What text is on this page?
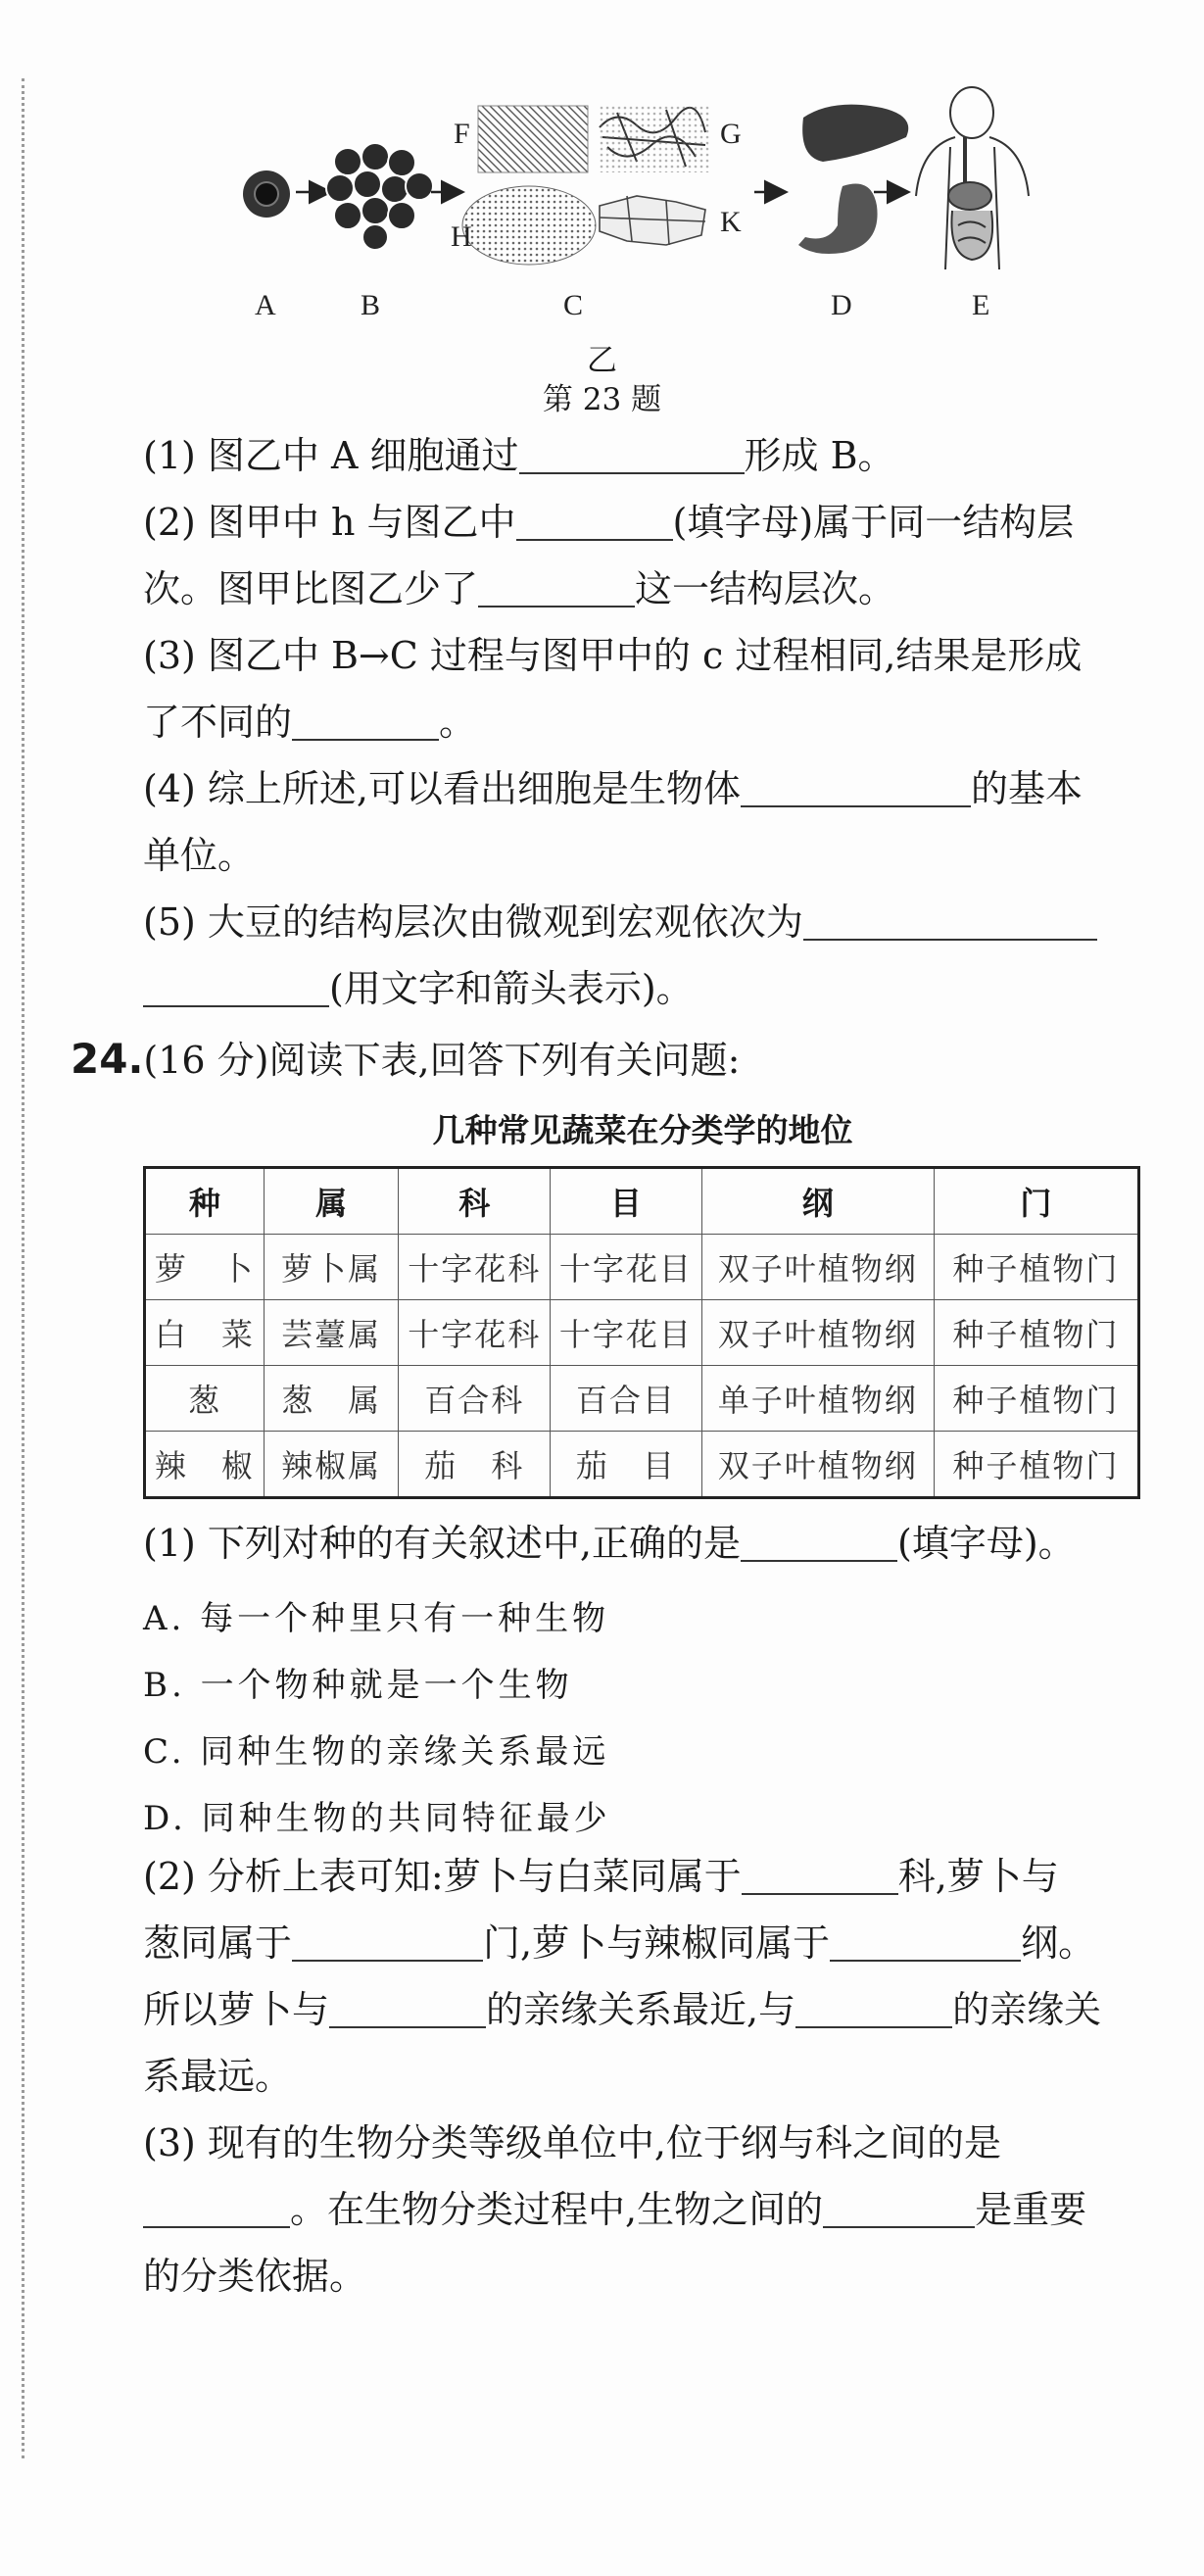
F	G
H	K
A	B	C	D	E
乙
第 23 题
(1) 图乙中 A 细胞通过	形成 B。
(2) 图甲中 h 与图乙中	(填字母)属于同一结构层
次。图甲比图乙少了	这一结构层次。
(3) 图乙中 B→C 过程与图甲中的 c 过程相同,结果是形成
了不同的	。
(4) 综上所述,可以看出细胞是生物体	的基本
单位。
(5) 大豆的结构层次由微观到宏观依次为
(用文字和箭头表示)。
24.(16 分)阅读下表,回答下列有关问题:
几种常见蔬菜在分类学的地位
种	属	科	目	纲	门
萝　卜	萝卜属	十字花科	十字花目	双子叶植物纲	种子植物门
白　菜	芸薹属	十字花科	十字花目	双子叶植物纲	种子植物门
葱	葱　属	百合科	百合目	单子叶植物纲	种子植物门
辣　椒	辣椒属	茄　科	茄　目	双子叶植物纲	种子植物门
(1) 下列对种的有关叙述中,正确的是	(填字母)。
A. 每一个种里只有一种生物
B. 一个物种就是一个生物
C. 同种生物的亲缘关系最远
D. 同种生物的共同特征最少
(2) 分析上表可知:萝卜与白菜同属于	科,萝卜与
葱同属于	门,萝卜与辣椒同属于	纲。
所以萝卜与	的亲缘关系最近,与	的亲缘关
系最远。
(3) 现有的生物分类等级单位中,位于纲与科之间的是
。在生物分类过程中,生物之间的	是重要
的分类依据。
